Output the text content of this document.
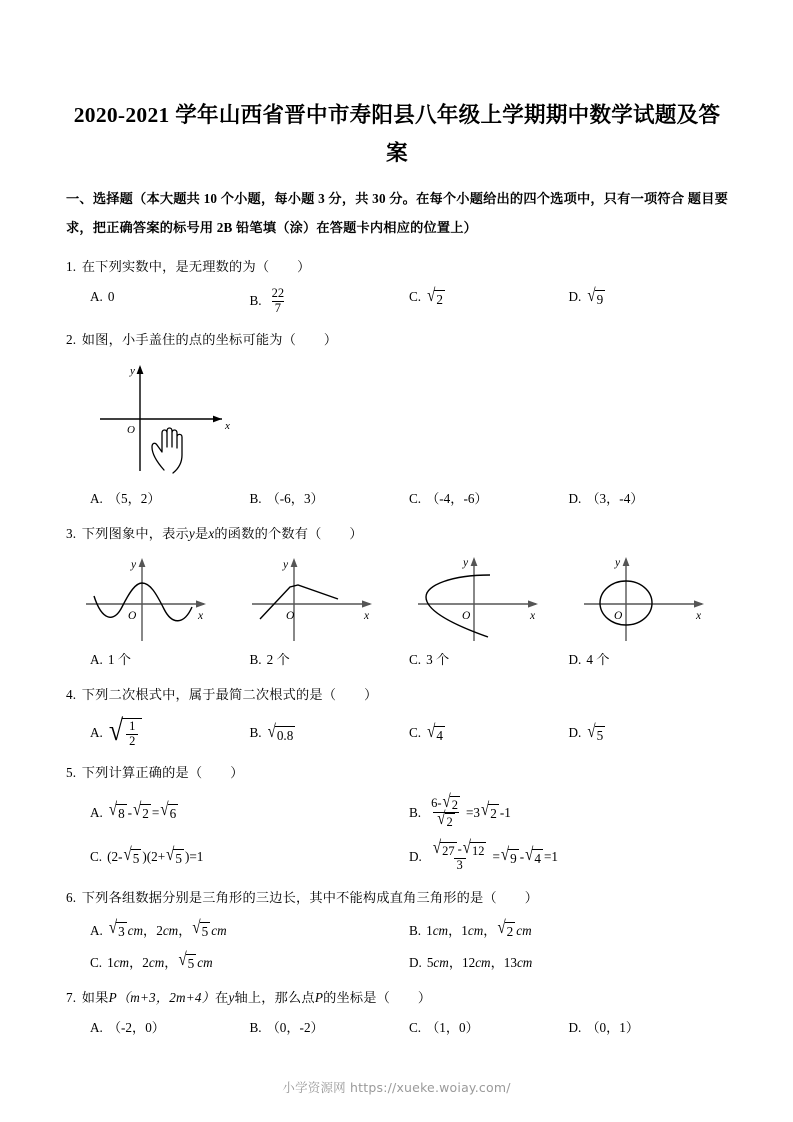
2020-2021 学年山西省晋中市寿阳县八年级上学期期中数学试题及答案

一、选择题（本大题共 10 个小题，每小题 3 分，共 30 分。在每个小题给出的四个选项中，只有一项符合 题目要求，把正确答案的标号用 2B 铅笔填（涂）在答题卡内相应的位置上）

1. 在下列实数中，是无理数的为（ ）
A. 0	B. $\frac{22}{7}$	C. √ 2	D. √ 9
2. 如图，小手盖住的点的坐标可能为（ ）
y
x
O
A. （5，2）	B. （-6，3）	C. （-4，-6）	D. （3，-4）
3. 下列图象中，表示y是x的函数的个数有（ ）
y
x
O
y
x
O
y
x
O
y
x
O
A. 1 个	B. 2 个	C. 3 个	D. 4 个
4. 下列二次根式中，属于最简二次根式的是（ ）
A. √ $\frac{1}{2}$	B. √ 0.8	C. √ 4	D. √ 5
5. 下列计算正确的是（ ）
A. √ 8 - √ 2 = √ 6	B. $\frac{6- √ 2}{√ 2} =3$ √ 2 -1
C. (2- √ 5 )(2+ √ 5 )=1	D. $\frac{√ 27 - √ 12}{3}$ = √ 9 - √ 4 =1
6. 下列各组数据分别是三角形的三边长，其中不能构成直角三角形的是（ ）
A. √ 3 cm ， 2 cm ， √ 5 cm	B. 1 cm ， 1 cm ， √ 2 cm
C. 1 cm ， 2 cm ， √ 5 cm	D. 5 cm ， 12 cm ， 13 cm
7. 如果P（m+3，2m+4）在y轴上，那么点P的坐标是（ ）
A. （-2，0）	B. （0，-2）	C. （1，0）	D. （0，1）
小学资源网 https://xueke.woiay.com/
